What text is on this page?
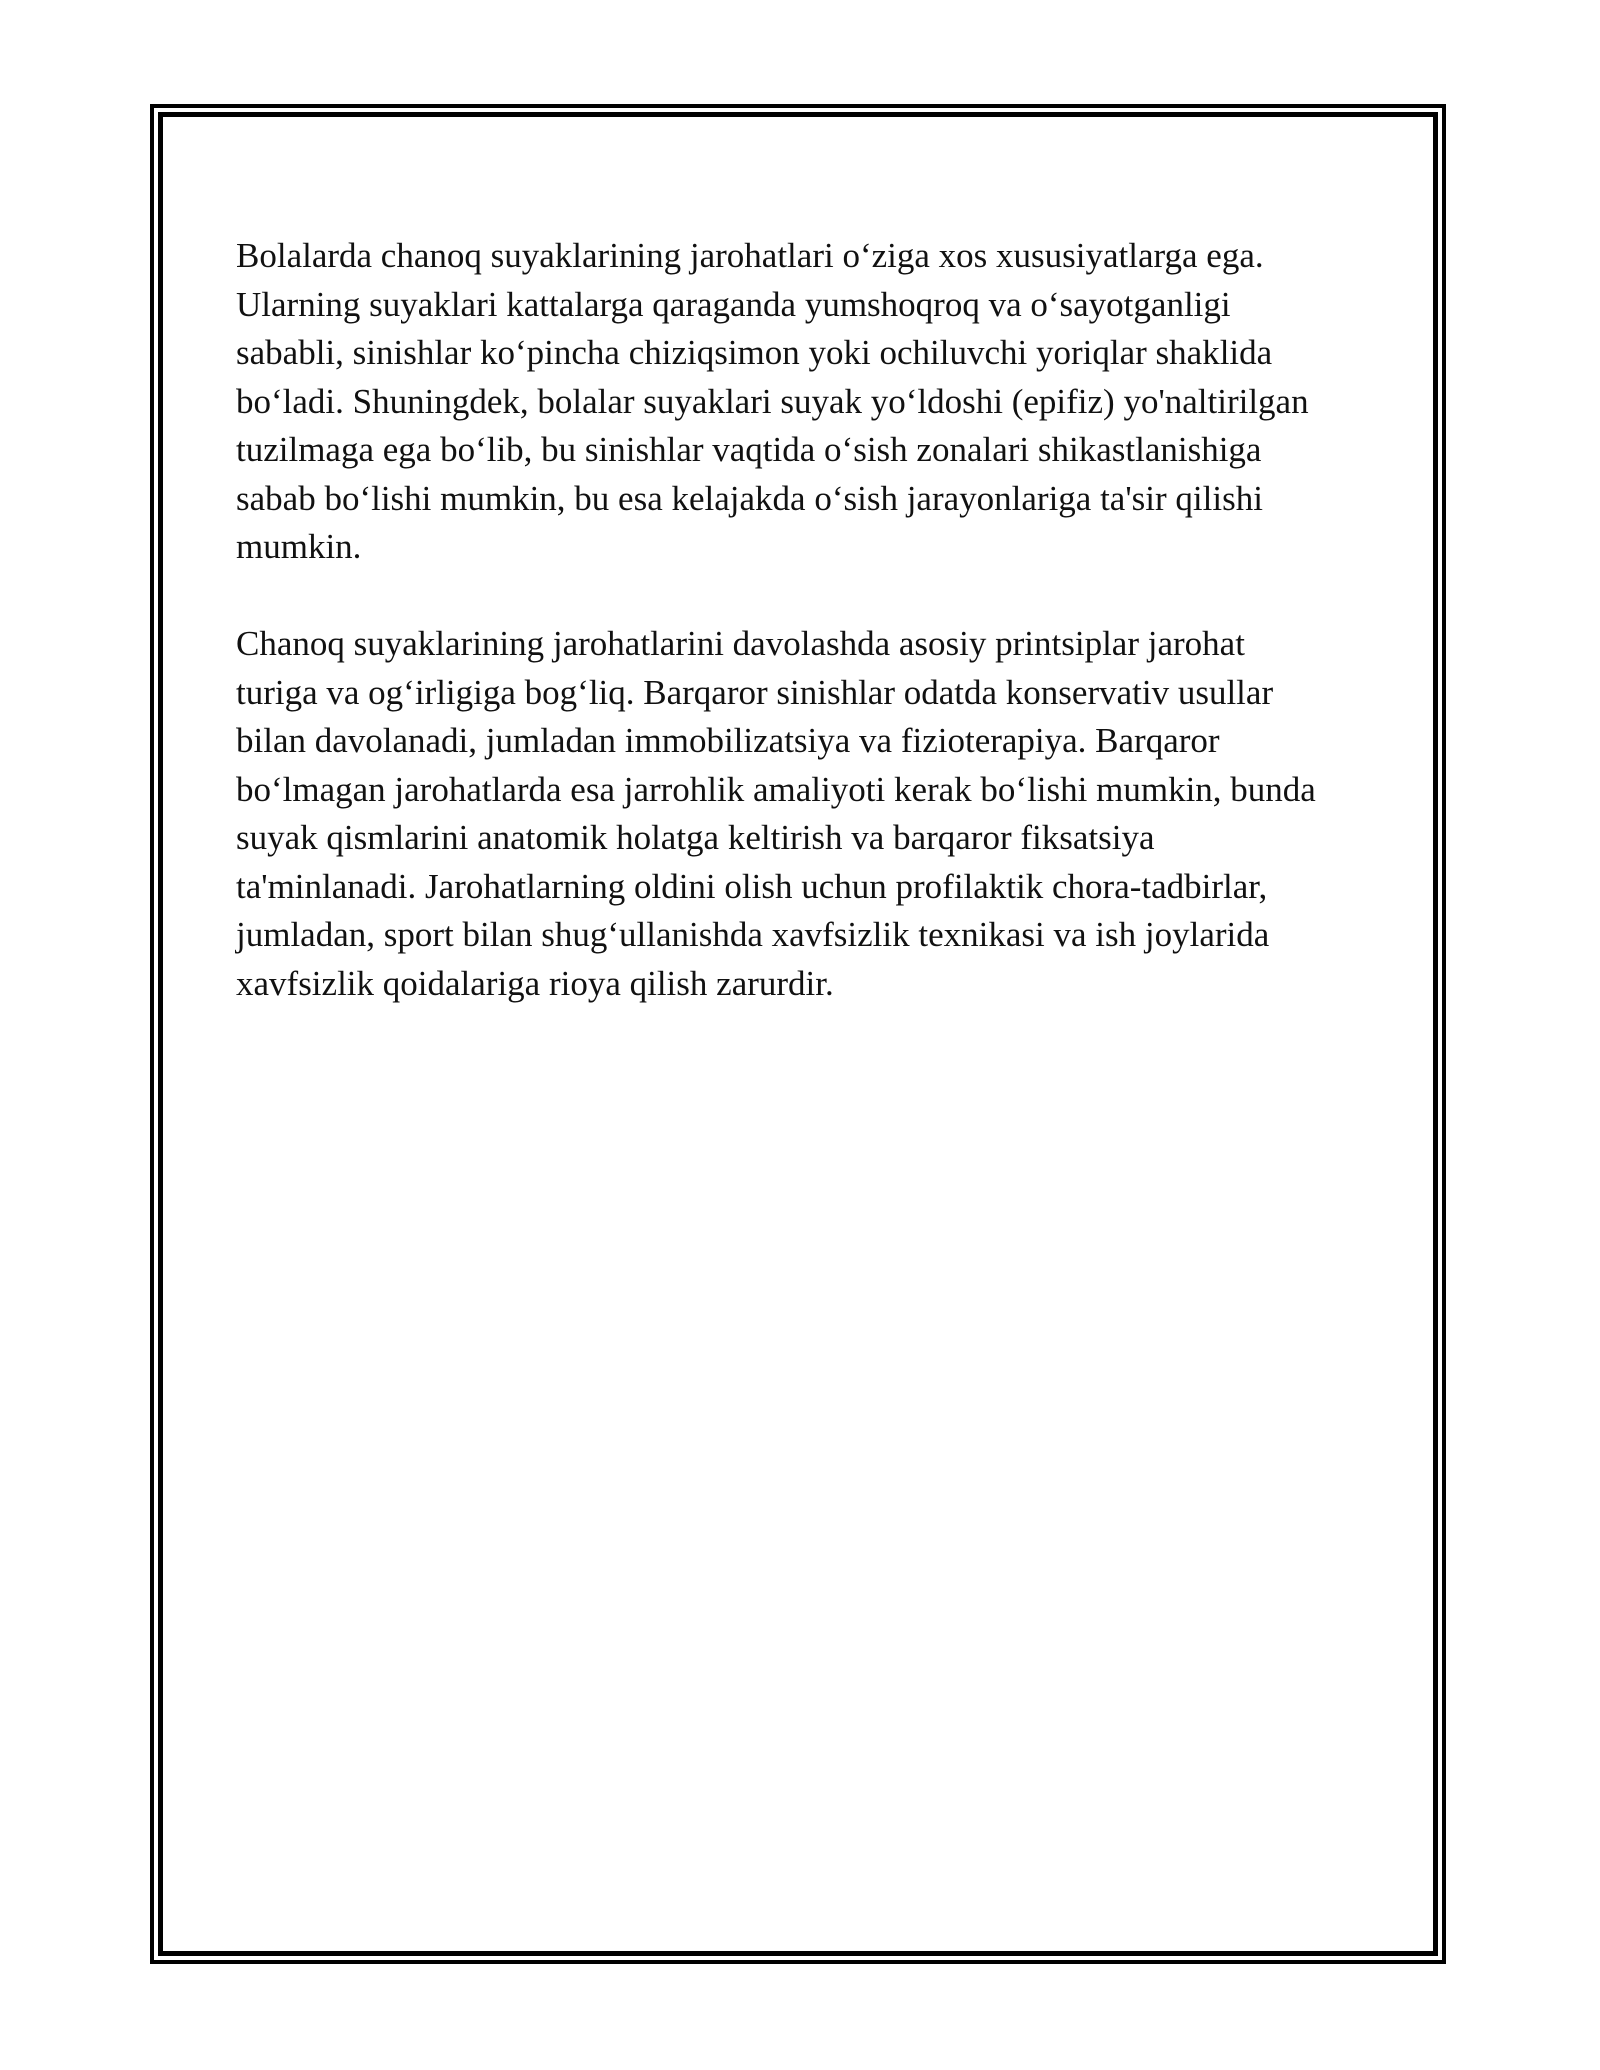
Bolalarda chanoq suyaklarining jarohatlari o‘ziga xos xususiyatlarga ega.
Ularning suyaklari kattalarga qaraganda yumshoqroq va o‘sayotganligi
sababli, sinishlar ko‘pincha chiziqsimon yoki ochiluvchi yoriqlar shaklida
bo‘ladi. Shuningdek, bolalar suyaklari suyak yo‘ldoshi (epifiz) yo'naltirilgan
tuzilmaga ega bo‘lib, bu sinishlar vaqtida o‘sish zonalari shikastlanishiga
sabab bo‘lishi mumkin, bu esa kelajakda o‘sish jarayonlariga ta'sir qilishi
mumkin.

Chanoq suyaklarining jarohatlarini davolashda asosiy printsiplar jarohat
turiga va og‘irligiga bog‘liq. Barqaror sinishlar odatda konservativ usullar
bilan davolanadi, jumladan immobilizatsiya va fizioterapiya. Barqaror
bo‘lmagan jarohatlarda esa jarrohlik amaliyoti kerak bo‘lishi mumkin, bunda
suyak qismlarini anatomik holatga keltirish va barqaror fiksatsiya
ta'minlanadi. Jarohatlarning oldini olish uchun profilaktik chora-tadbirlar,
jumladan, sport bilan shug‘ullanishda xavfsizlik texnikasi va ish joylarida
xavfsizlik qoidalariga rioya qilish zarurdir.
